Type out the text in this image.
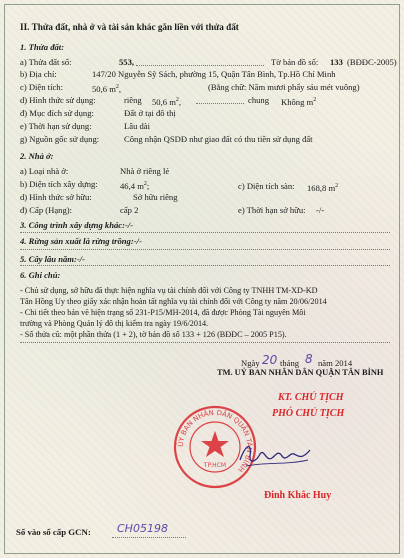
II. Thửa đất, nhà ở và tài sản khác gắn liền với thửa đất
1. Thửa đất:
a) Thửa đất số:	553,	Tờ bản đồ số: 133 (BĐĐC-2005)
b) Địa chỉ:	147/20 Nguyễn Sỹ Sách, phường 15, Quận Tân Bình, Tp.Hồ Chí Minh
c) Diện tích:	50,6 $m^2$,	(Bằng chữ: Năm mươi phẩy sáu mét vuông)
d) Hình thức sử dụng:	riêng 50,6 $m^2$,	chung Không $m^2$
đ) Mục đích sử dụng:	Đất ở tại đô thị
e) Thời hạn sử dụng:	Lâu dài
g) Nguồn gốc sử dụng:	Công nhận QSDĐ như giao đất có thu tiền sử dụng đất
2. Nhà ở:
a) Loại nhà ở:	Nhà ở riêng lẻ
b) Diện tích xây dựng:	46,4 $m^2$;	c) Diện tích sàn: 168,8 $m^2$
d) Hình thức sở hữu:	Sở hữu riêng
đ) Cấp (Hạng):	cấp 2	e) Thời hạn sở hữu: -/-
3. Công trình xây dựng khác:-/-
4. Rừng sản xuất là rừng trồng:-/-
5. Cây lâu năm:-/-
6. Ghi chú:
- Chủ sử dụng, sở hữu đã thực hiện nghĩa vụ tài chính đối với Công ty TNHH TM-XD-KD
Tân Hồng Uy theo giấy xác nhận hoàn tất nghĩa vụ tài chính đối với Công ty năm 20/06/2014
- Chi tiết theo bản vẽ hiện trạng số 231-P15/MH-2014, đã được Phòng Tài nguyên Môi
trường và Phòng Quản lý đô thị kiểm tra ngày 19/6/2014.
- Số thửa cũ: một phần thửa (1 + 2), tờ bản đồ số 133 + 126 (BĐĐC – 2005 P15).
Ngày 20 tháng 8 năm 2014
TM. UỶ BAN NHÂN DÂN QUẬN TÂN BÌNH
KT. CHỦ TỊCH
PHÓ CHỦ TỊCH
ỦY BAN NHÂN DÂN QUẬN TÂN BÌNH
TP.HCM
Đinh Khắc Huy
Số vào sổ cấp GCN: CH05198
